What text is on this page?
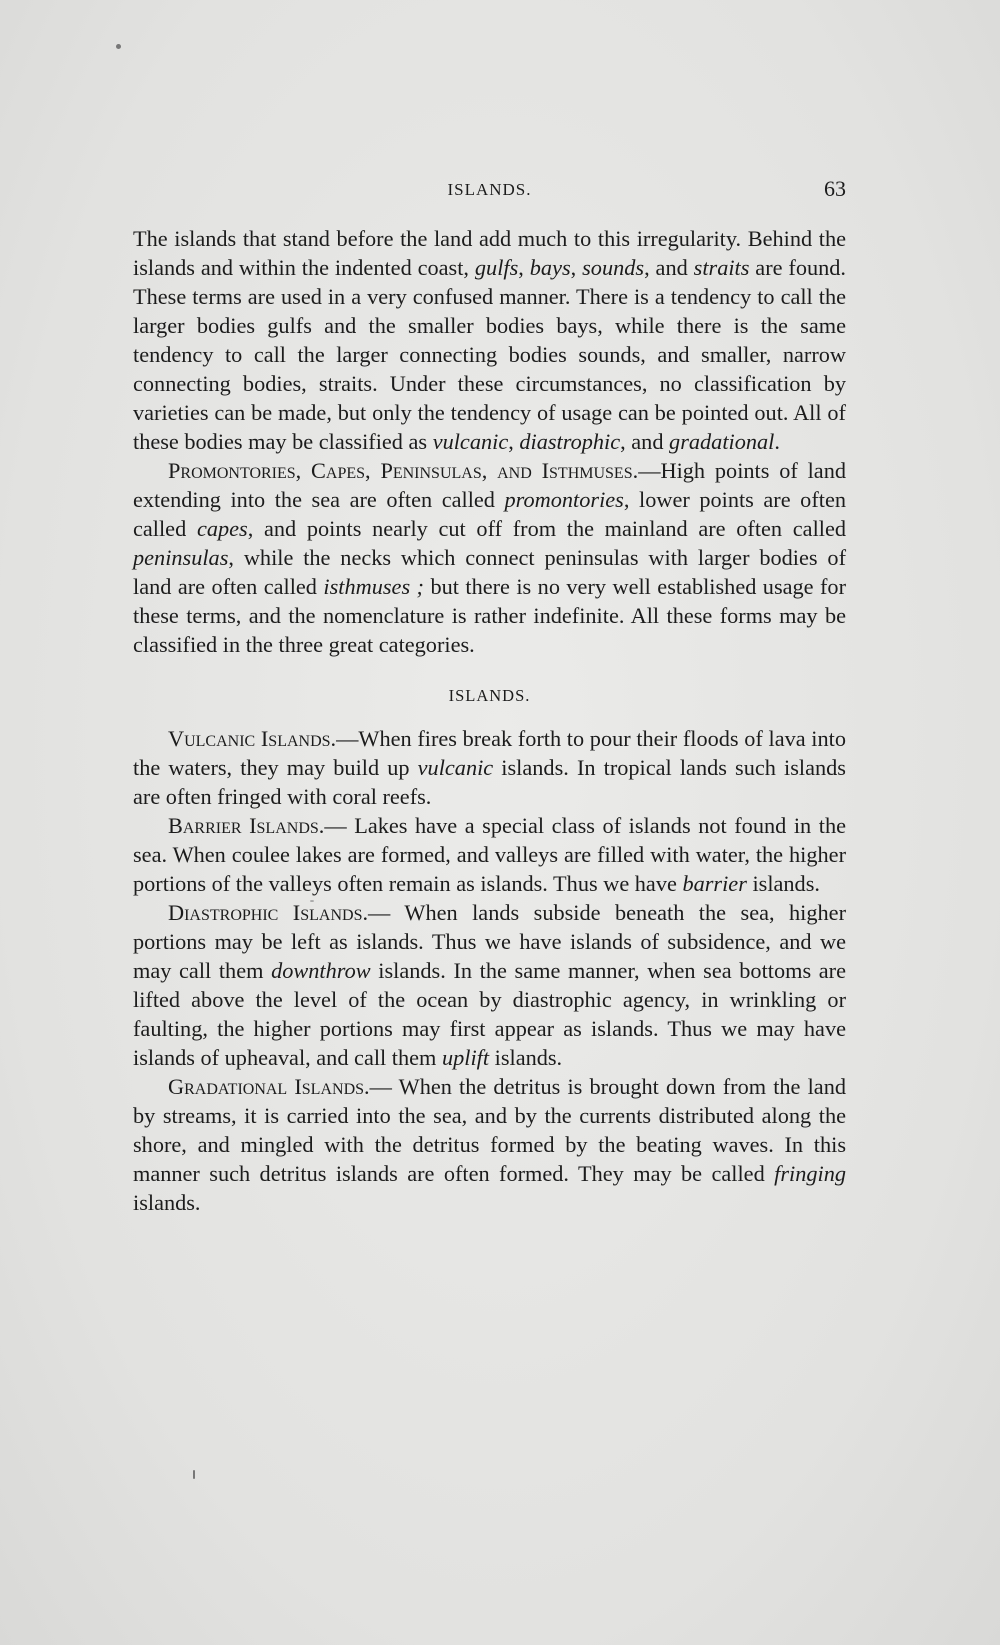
ISLANDS.	63

The islands that stand before the land add much to this irregularity. Behind the islands and within the indented coast, gulfs, bays, sounds, and straits are found. These terms are used in a very confused manner. There is a tendency to call the larger bodies gulfs and the smaller bodies bays, while there is the same tendency to call the larger connecting bodies sounds, and smaller, narrow connecting bodies, straits. Under these circumstances, no classification by varieties can be made, but only the tendency of usage can be pointed out. All of these bodies may be classified as vulcanic, diastrophic, and gradational.

Promontories, Capes, Peninsulas, and Isthmuses.—High points of land extending into the sea are often called promontories, lower points are often called capes, and points nearly cut off from the mainland are often called peninsulas, while the necks which connect peninsulas with larger bodies of land are often called isthmuses ; but there is no very well established usage for these terms, and the nomenclature is rather indefinite. All these forms may be classified in the three great categories.

ISLANDS.

Vulcanic Islands.—When fires break forth to pour their floods of lava into the waters, they may build up vulcanic islands. In tropical lands such islands are often fringed with coral reefs.

Barrier Islands.— Lakes have a special class of islands not found in the sea. When coulee lakes are formed, and valleys are filled with water, the higher portions of the valleys often remain as islands. Thus we have barrier islands.

Diastrophic Islands.— When lands subside beneath the sea, higher portions may be left as islands. Thus we have islands of subsidence, and we may call them downthrow islands. In the same manner, when sea bottoms are lifted above the level of the ocean by diastrophic agency, in wrinkling or faulting, the higher portions may first appear as islands. Thus we may have islands of upheaval, and call them uplift islands.

Gradational Islands.— When the detritus is brought down from the land by streams, it is carried into the sea, and by the currents distributed along the shore, and mingled with the detritus formed by the beating waves. In this manner such detritus islands are often formed. They may be called fringing islands.
